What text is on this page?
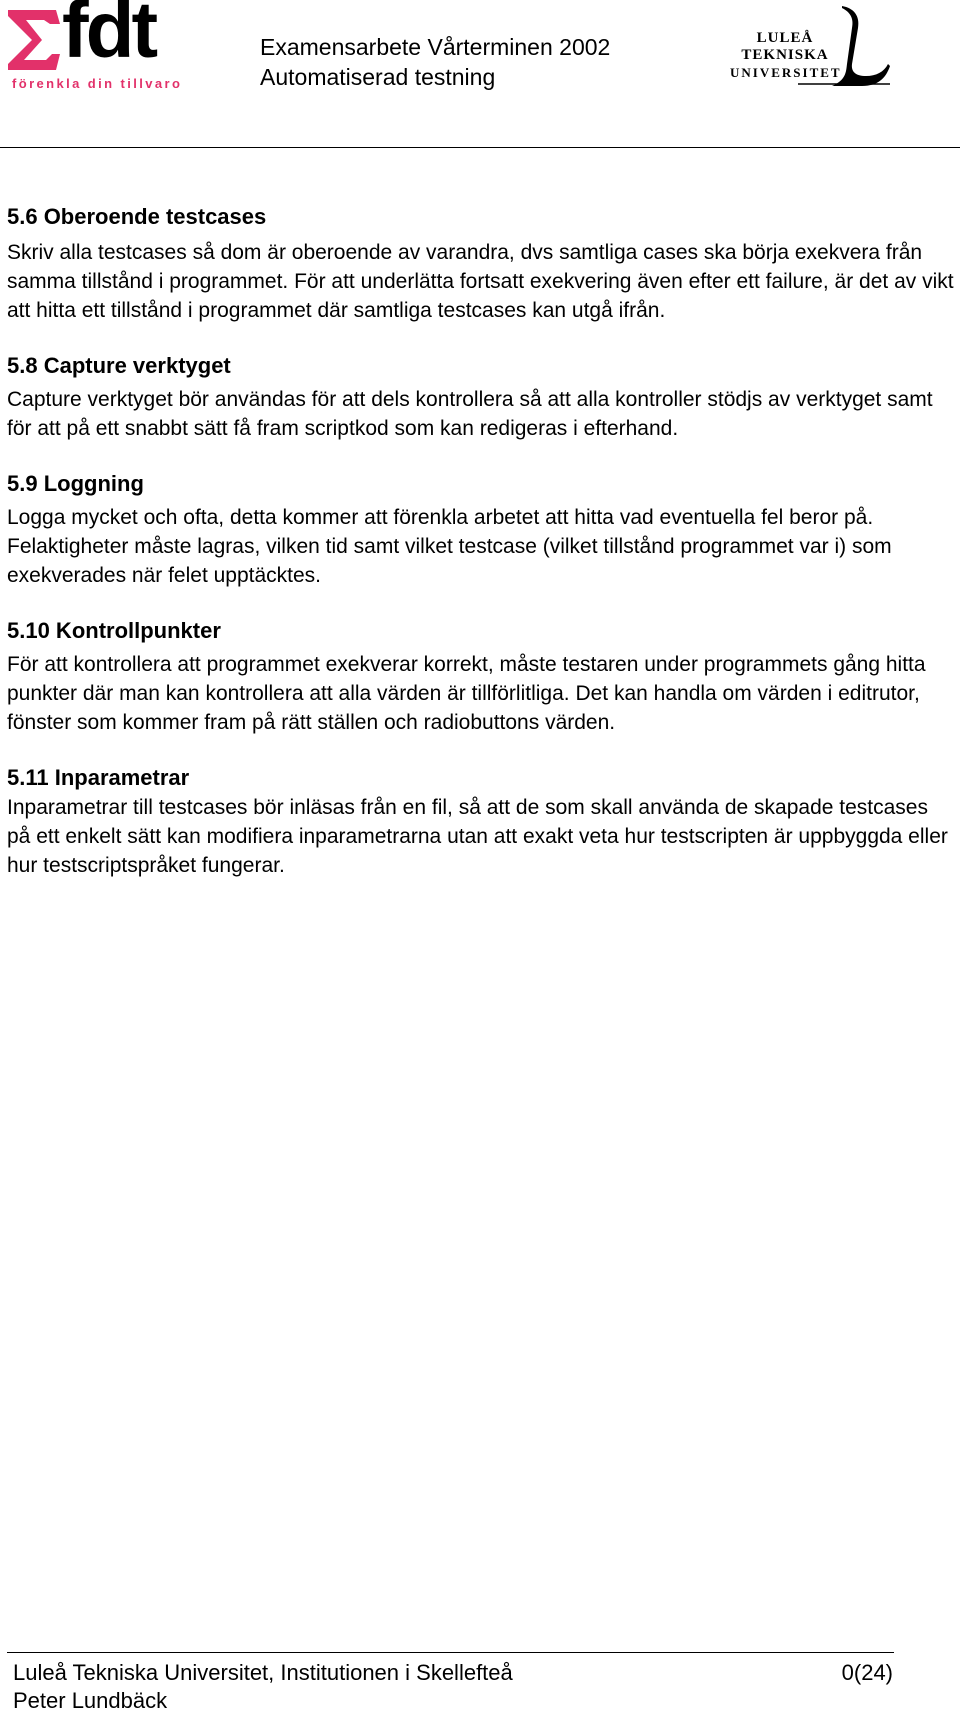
fdt
förenkla din tillvaro
Examensarbete Vårterminen 2002
Automatiserad testning
LULEÅ
TEKNISKA
UNIVERSITET
5.6 Oberoende testcases

Skriv alla testcases så dom är oberoende av varandra, dvs samtliga cases ska börja exekvera från samma tillstånd i programmet. För att underlätta fortsatt exekvering även efter ett failure, är det av vikt att hitta ett tillstånd i programmet där samtliga testcases kan utgå ifrån.

5.8 Capture verktyget

Capture verktyget bör användas för att dels kontrollera så att alla kontroller stödjs av verktyget samt för att på ett snabbt sätt få fram scriptkod som kan redigeras i efterhand.

5.9 Loggning

Logga mycket och ofta, detta kommer att förenkla arbetet att hitta vad eventuella fel beror på. Felaktigheter måste lagras, vilken tid samt vilket testcase (vilket tillstånd programmet var i) som exekverades när felet upptäcktes.

5.10 Kontrollpunkter

För att kontrollera att programmet exekverar korrekt, måste testaren under programmets gång hitta punkter där man kan kontrollera att alla värden är tillförlitliga. Det kan handla om värden i editrutor, fönster som kommer fram på rätt ställen och radiobuttons värden.

5.11 Inparametrar

Inparametrar till testcases bör inläsas från en fil, så att de som skall använda de skapade testcases på ett enkelt sätt kan modifiera inparametrarna utan att exakt veta hur testscripten är uppbyggda eller hur testscriptspråket fungerar.

Luleå Tekniska Universitet, Institutionen i Skellefteå	0(24)
Peter Lundbäck
